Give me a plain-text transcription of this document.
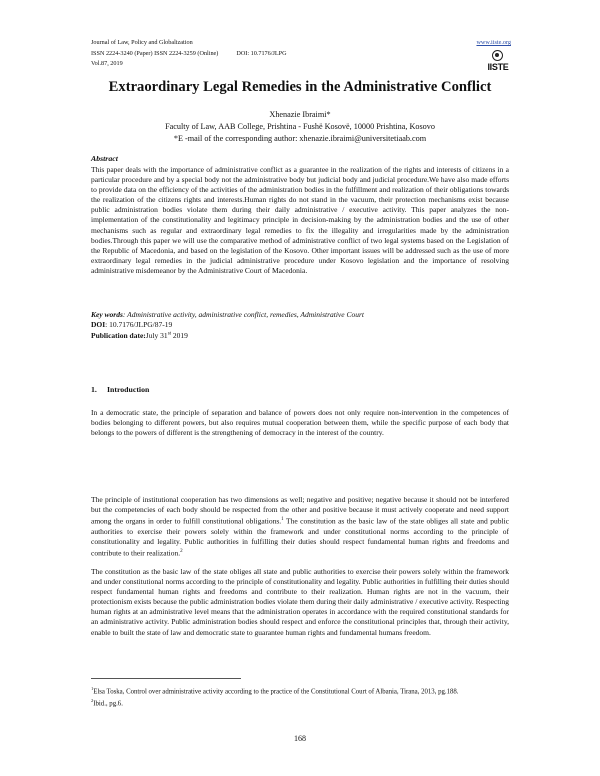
Journal of Law, Policy and Globalization
ISSN 2224-3240 (Paper) ISSN 2224-3259 (Online)	DOI: 10.7176/JLPG
Vol.87, 2019
www.iiste.org
IISTE
Extraordinary Legal Remedies in the Administrative Conflict
Xhenazie Ibraimi*
Faculty of Law, AAB College, Prishtina - Fushë Kosovë, 10000 Prishtina, Kosovo
*E -mail of the corresponding author: xhenazie.ibraimi@universitetiaab.com
Abstract
This paper deals with the importance of administrative conflict as a guarantee in the realization of the rights and interests of citizens in a particular procedure and by a special body not the administrative body but judicial body and judicial procedure.We have also made efforts to provide data on the efficiency of the activities of the administration bodies in the fulfillment and realization of their obligations towards the realization of the citizens rights and interests.Human rights do not stand in the vacuum, their protection mechanisms exist because public administration bodies violate them during their daily administrative / executive activity. This paper analyzes the non-implementation of the constitutionality and legitimacy principle in decision-making by the administration bodies and the use of other mechanisms such as regular and extraordinary legal remedies to fix the illegality and irregularities made by the administration bodies.Through this paper we will use the comparative method of administrative conflict of two legal systems based on the Legislation of the Republic of Macedonia, and based on the legislation of the Kosovo. Other important issues will be addressed such as the use of more extraordinary legal remedies in the judicial administrative procedure under Kosovo legislation and the importance of resolving administrative misdemeanor by the Administrative Court of Macedonia.
Key words: Administrative activity, administrative conflict, remedies, Administrative Court
DOI: 10.7176/JLPG/87-19
Publication date:July 31st 2019
1. Introduction
In a democratic state, the principle of separation and balance of powers does not only require non-intervention in the competences of bodies belonging to different powers, but also requires mutual cooperation between them, while the specific purpose of each body that belongs to the powers of different is the strengthening of democracy in the interest of the country.
The principle of institutional cooperation has two dimensions as well; negative and positive; negative because it should not be interfered but the competencies of each body should be respected from the other and positive because it must actively cooperate and need support among the organs in order to fulfill constitutional obligations.$^1$ The constitution as the basic law of the state obliges all state and public authorities to exercise their powers solely within the framework and under constitutional norms according to the principle of constitutionality and legality. Public authorities in fulfilling their duties should respect fundamental human rights and freedoms and contribute to their realization.$^2$
The constitution as the basic law of the state obliges all state and public authorities to exercise their powers solely within the framework and under constitutional norms according to the principle of constitutionality and legality. Public authorities in fulfilling their duties should respect fundamental human rights and freedoms and contribute to their realization. Human rights are not in the vacuum, their protectionism exists because the public administration bodies violate them during their daily administrative / executive activity. Respecting human rights at an administrative level means that the administration operates in accordance with the required constitutional standards for an administrative activity. Public administration bodies should respect and enforce the constitutional principles that, through their activity, enable to built the state of law and democratic state to guarantee human rights and fundamental humans freedom.
$^1$Elsa Toska, Control over administrative activity according to the practice of the Constitutional Court of Albania, Tirana, 2013, pg.188.
$^2$Ibid., pg.6.
168
